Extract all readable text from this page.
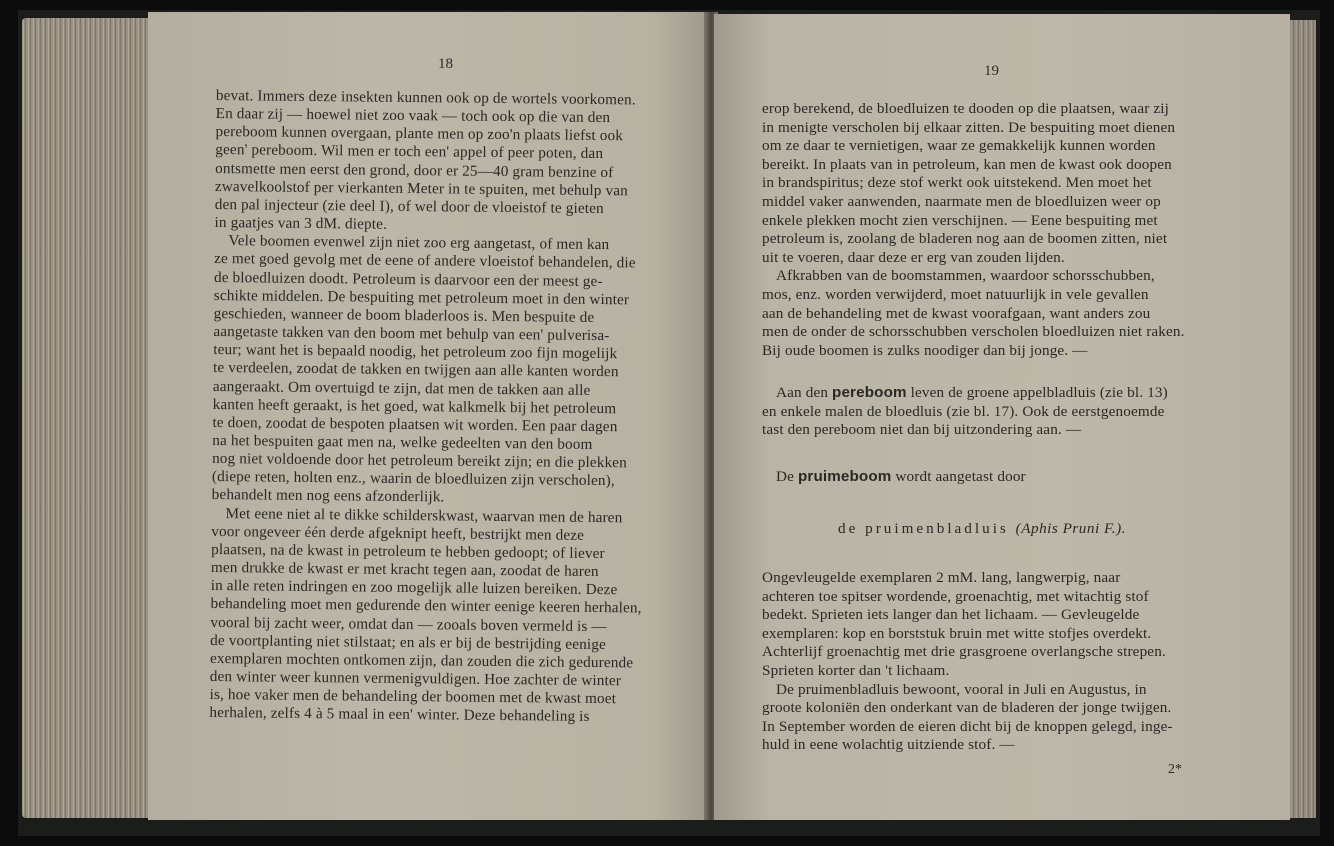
18
bevat. Immers deze insekten kunnen ook op de wortels voorkomen.
En daar zij — hoewel niet zoo vaak — toch ook op die van den
pereboom kunnen overgaan, plante men op zoo'n plaats liefst ook
geen' pereboom. Wil men er toch een' appel of peer poten, dan
ontsmette men eerst den grond, door er 25—40 gram benzine of
zwavelkoolstof per vierkanten Meter in te spuiten, met behulp van
den pal injecteur (zie deel I), of wel door de vloeistof te gieten
in gaatjes van 3 dM. diepte.
Vele boomen evenwel zijn niet zoo erg aangetast, of men kan
ze met goed gevolg met de eene of andere vloeistof behandelen, die
de bloedluizen doodt. Petroleum is daarvoor een der meest ge-
schikte middelen. De bespuiting met petroleum moet in den winter
geschieden, wanneer de boom bladerloos is. Men bespuite de
aangetaste takken van den boom met behulp van een' pulverisa-
teur; want het is bepaald noodig, het petroleum zoo fijn mogelijk
te verdeelen, zoodat de takken en twijgen aan alle kanten worden
aangeraakt. Om overtuigd te zijn, dat men de takken aan alle
kanten heeft geraakt, is het goed, wat kalkmelk bij het petroleum
te doen, zoodat de bespoten plaatsen wit worden. Een paar dagen
na het bespuiten gaat men na, welke gedeelten van den boom
nog niet voldoende door het petroleum bereikt zijn; en die plekken
(diepe reten, holten enz., waarin de bloedluizen zijn verscholen),
behandelt men nog eens afzonderlijk.
Met eene niet al te dikke schilderskwast, waarvan men de haren
voor ongeveer één derde afgeknipt heeft, bestrijkt men deze
plaatsen, na de kwast in petroleum te hebben gedoopt; of liever
men drukke de kwast er met kracht tegen aan, zoodat de haren
in alle reten indringen en zoo mogelijk alle luizen bereiken. Deze
behandeling moet men gedurende den winter eenige keeren herhalen,
vooral bij zacht weer, omdat dan — zooals boven vermeld is —
de voortplanting niet stilstaat; en als er bij de bestrijding eenige
exemplaren mochten ontkomen zijn, dan zouden die zich gedurende
den winter weer kunnen vermenigvuldigen. Hoe zachter de winter
is, hoe vaker men de behandeling der boomen met de kwast moet
herhalen, zelfs 4 à 5 maal in een' winter. Deze behandeling is
19
erop berekend, de bloedluizen te dooden op die plaatsen, waar zij
in menigte verscholen bij elkaar zitten. De bespuiting moet dienen
om ze daar te vernietigen, waar ze gemakkelijk kunnen worden
bereikt. In plaats van in petroleum, kan men de kwast ook doopen
in brandspiritus; deze stof werkt ook uitstekend. Men moet het
middel vaker aanwenden, naarmate men de bloedluizen weer op
enkele plekken mocht zien verschijnen. — Eene bespuiting met
petroleum is, zoolang de bladeren nog aan de boomen zitten, niet
uit te voeren, daar deze er erg van zouden lijden.
Afkrabben van de boomstammen, waardoor schorsschubben,
mos, enz. worden verwijderd, moet natuurlijk in vele gevallen
aan de behandeling met de kwast voorafgaan, want anders zou
men de onder de schorsschubben verscholen bloedluizen niet raken.
Bij oude boomen is zulks noodiger dan bij jonge. —
Aan den pereboom leven de groene appelbladluis (zie bl. 13)
en enkele malen de bloedluis (zie bl. 17). Ook de eerstgenoemde
tast den pereboom niet dan bij uitzondering aan. —
De pruimeboom wordt aangetast door
de pruimenbladluis (Aphis Pruni F.).
Ongevleugelde exemplaren 2 mM. lang, langwerpig, naar
achteren toe spitser wordende, groenachtig, met witachtig stof
bedekt. Sprieten iets langer dan het lichaam. — Gevleugelde
exemplaren: kop en borststuk bruin met witte stofjes overdekt.
Achterlijf groenachtig met drie grasgroene overlangsche strepen.
Sprieten korter dan 't lichaam.
De pruimenbladluis bewoont, vooral in Juli en Augustus, in
groote koloniën den onderkant van de bladeren der jonge twijgen.
In September worden de eieren dicht bij de knoppen gelegd, inge-
huld in eene wolachtig uitziende stof. —
2*
